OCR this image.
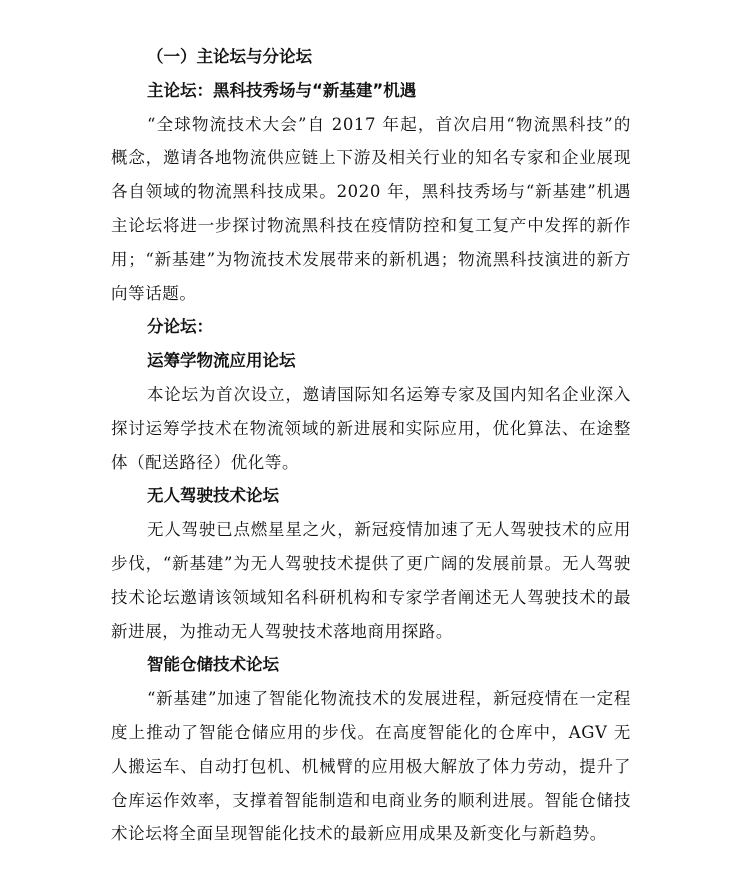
（一）主论坛与分论坛
主论坛：黑科技秀场与“新基建”机遇

“全球物流技术大会”自 2017 年起，首次启用“物流黑科技”的概念，邀请各地物流供应链上下游及相关行业的知名专家和企业展现各自领域的物流黑科技成果。2020 年，黑科技秀场与“新基建”机遇主论坛将进一步探讨物流黑科技在疫情防控和复工复产中发挥的新作用；“新基建”为物流技术发展带来的新机遇；物流黑科技演进的新方向等话题。

分论坛：
运筹学物流应用论坛

本论坛为首次设立，邀请国际知名运筹专家及国内知名企业深入探讨运筹学技术在物流领域的新进展和实际应用，优化算法、在途整体（配送路径）优化等。

无人驾驶技术论坛

无人驾驶已点燃星星之火，新冠疫情加速了无人驾驶技术的应用步伐，“新基建”为无人驾驶技术提供了更广阔的发展前景。无人驾驶技术论坛邀请该领域知名科研机构和专家学者阐述无人驾驶技术的最新进展，为推动无人驾驶技术落地商用探路。

智能仓储技术论坛

“新基建”加速了智能化物流技术的发展进程，新冠疫情在一定程度上推动了智能仓储应用的步伐。在高度智能化的仓库中，AGV 无人搬运车、自动打包机、机械臂的应用极大解放了体力劳动，提升了仓库运作效率，支撑着智能制造和电商业务的顺利进展。智能仓储技术论坛将全面呈现智能化技术的最新应用成果及新变化与新趋势。
